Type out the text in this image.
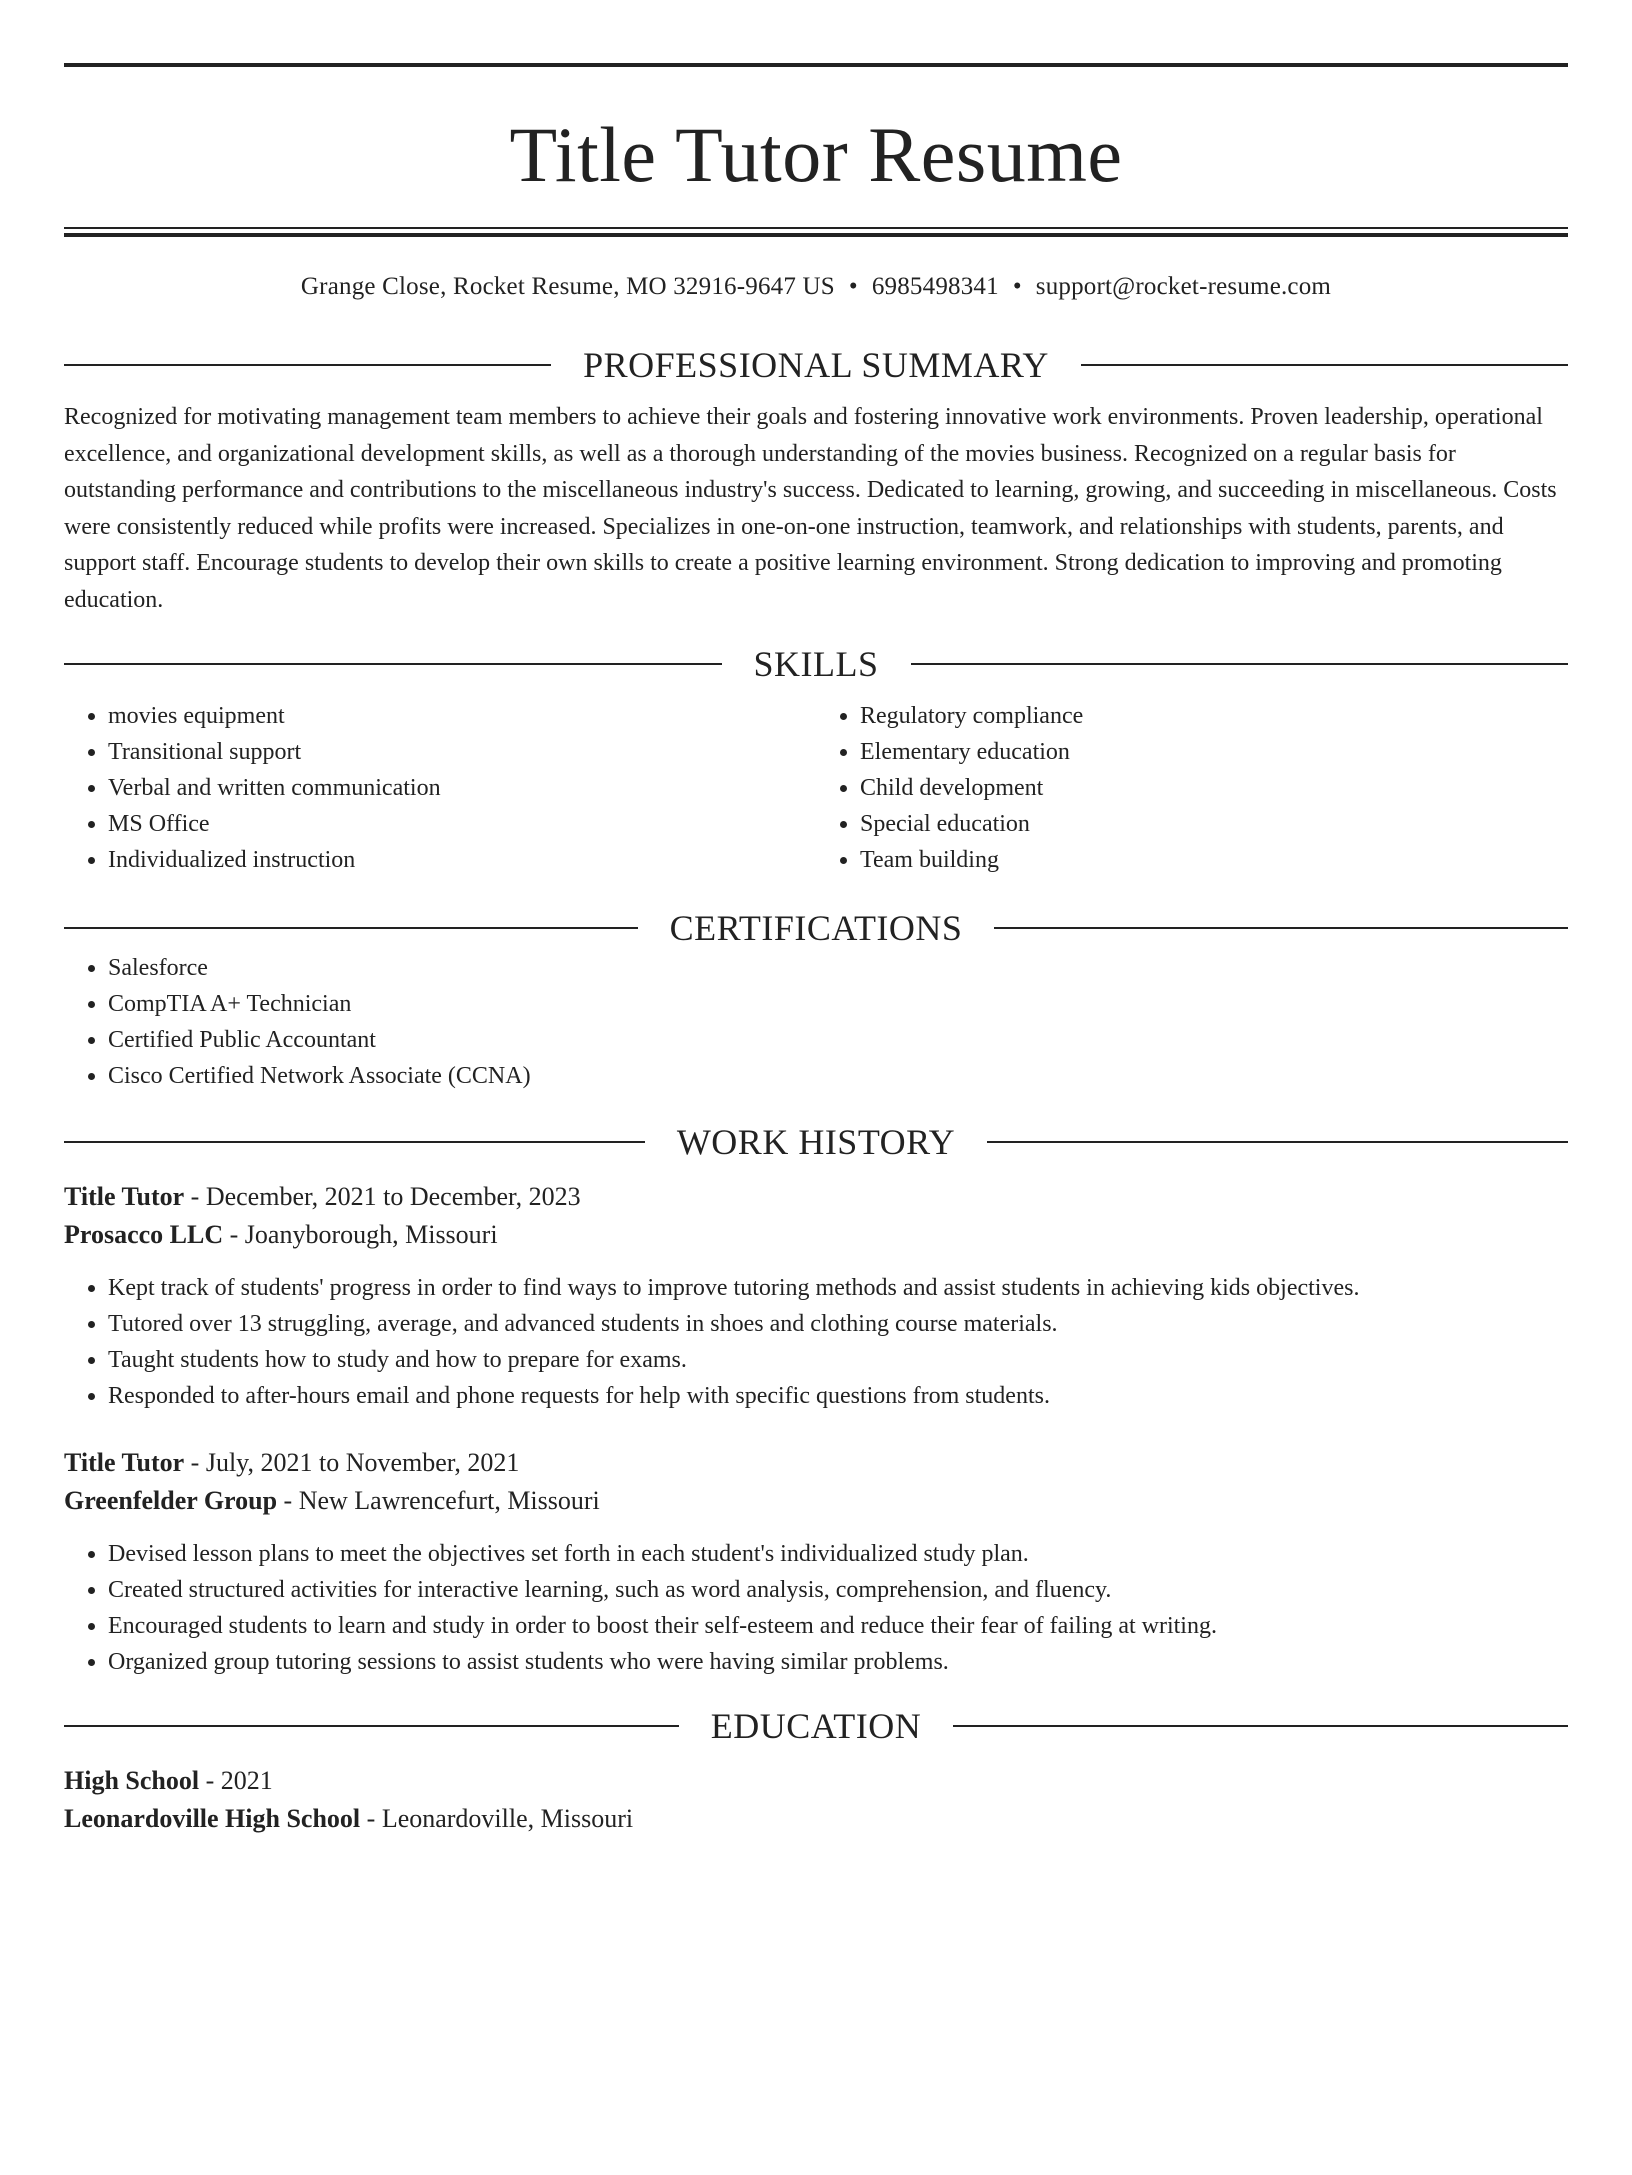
Title Tutor Resume
Grange Close, Rocket Resume, MO 32916-9647 US • 6985498341 • support@rocket-resume.com
PROFESSIONAL SUMMARY

Recognized for motivating management team members to achieve their goals and fostering innovative work environments. Proven leadership, operational excellence, and organizational development skills, as well as a thorough understanding of the movies business. Recognized on a regular basis for outstanding performance and contributions to the miscellaneous industry's success. Dedicated to learning, growing, and succeeding in miscellaneous. Costs were consistently reduced while profits were increased. Specializes in one-on-one instruction, teamwork, and relationships with students, parents, and support staff. Encourage students to develop their own skills to create a positive learning environment. Strong dedication to improving and promoting education.

SKILLS
• movies equipment
• Transitional support
• Verbal and written communication
• MS Office
• Individualized instruction
• Regulatory compliance
• Elementary education
• Child development
• Special education
• Team building
CERTIFICATIONS
• Salesforce
• CompTIA A+ Technician
• Certified Public Accountant
• Cisco Certified Network Associate (CCNA)
WORK HISTORY
Title Tutor - December, 2021 to December, 2023
Prosacco LLC - Joanyborough, Missouri
• Kept track of students' progress in order to find ways to improve tutoring methods and assist students in achieving kids objectives.
• Tutored over 13 struggling, average, and advanced students in shoes and clothing course materials.
• Taught students how to study and how to prepare for exams.
• Responded to after-hours email and phone requests for help with specific questions from students.
Title Tutor - July, 2021 to November, 2021
Greenfelder Group - New Lawrencefurt, Missouri
• Devised lesson plans to meet the objectives set forth in each student's individualized study plan.
• Created structured activities for interactive learning, such as word analysis, comprehension, and fluency.
• Encouraged students to learn and study in order to boost their self-esteem and reduce their fear of failing at writing.
• Organized group tutoring sessions to assist students who were having similar problems.
EDUCATION
High School - 2021
Leonardoville High School - Leonardoville, Missouri
